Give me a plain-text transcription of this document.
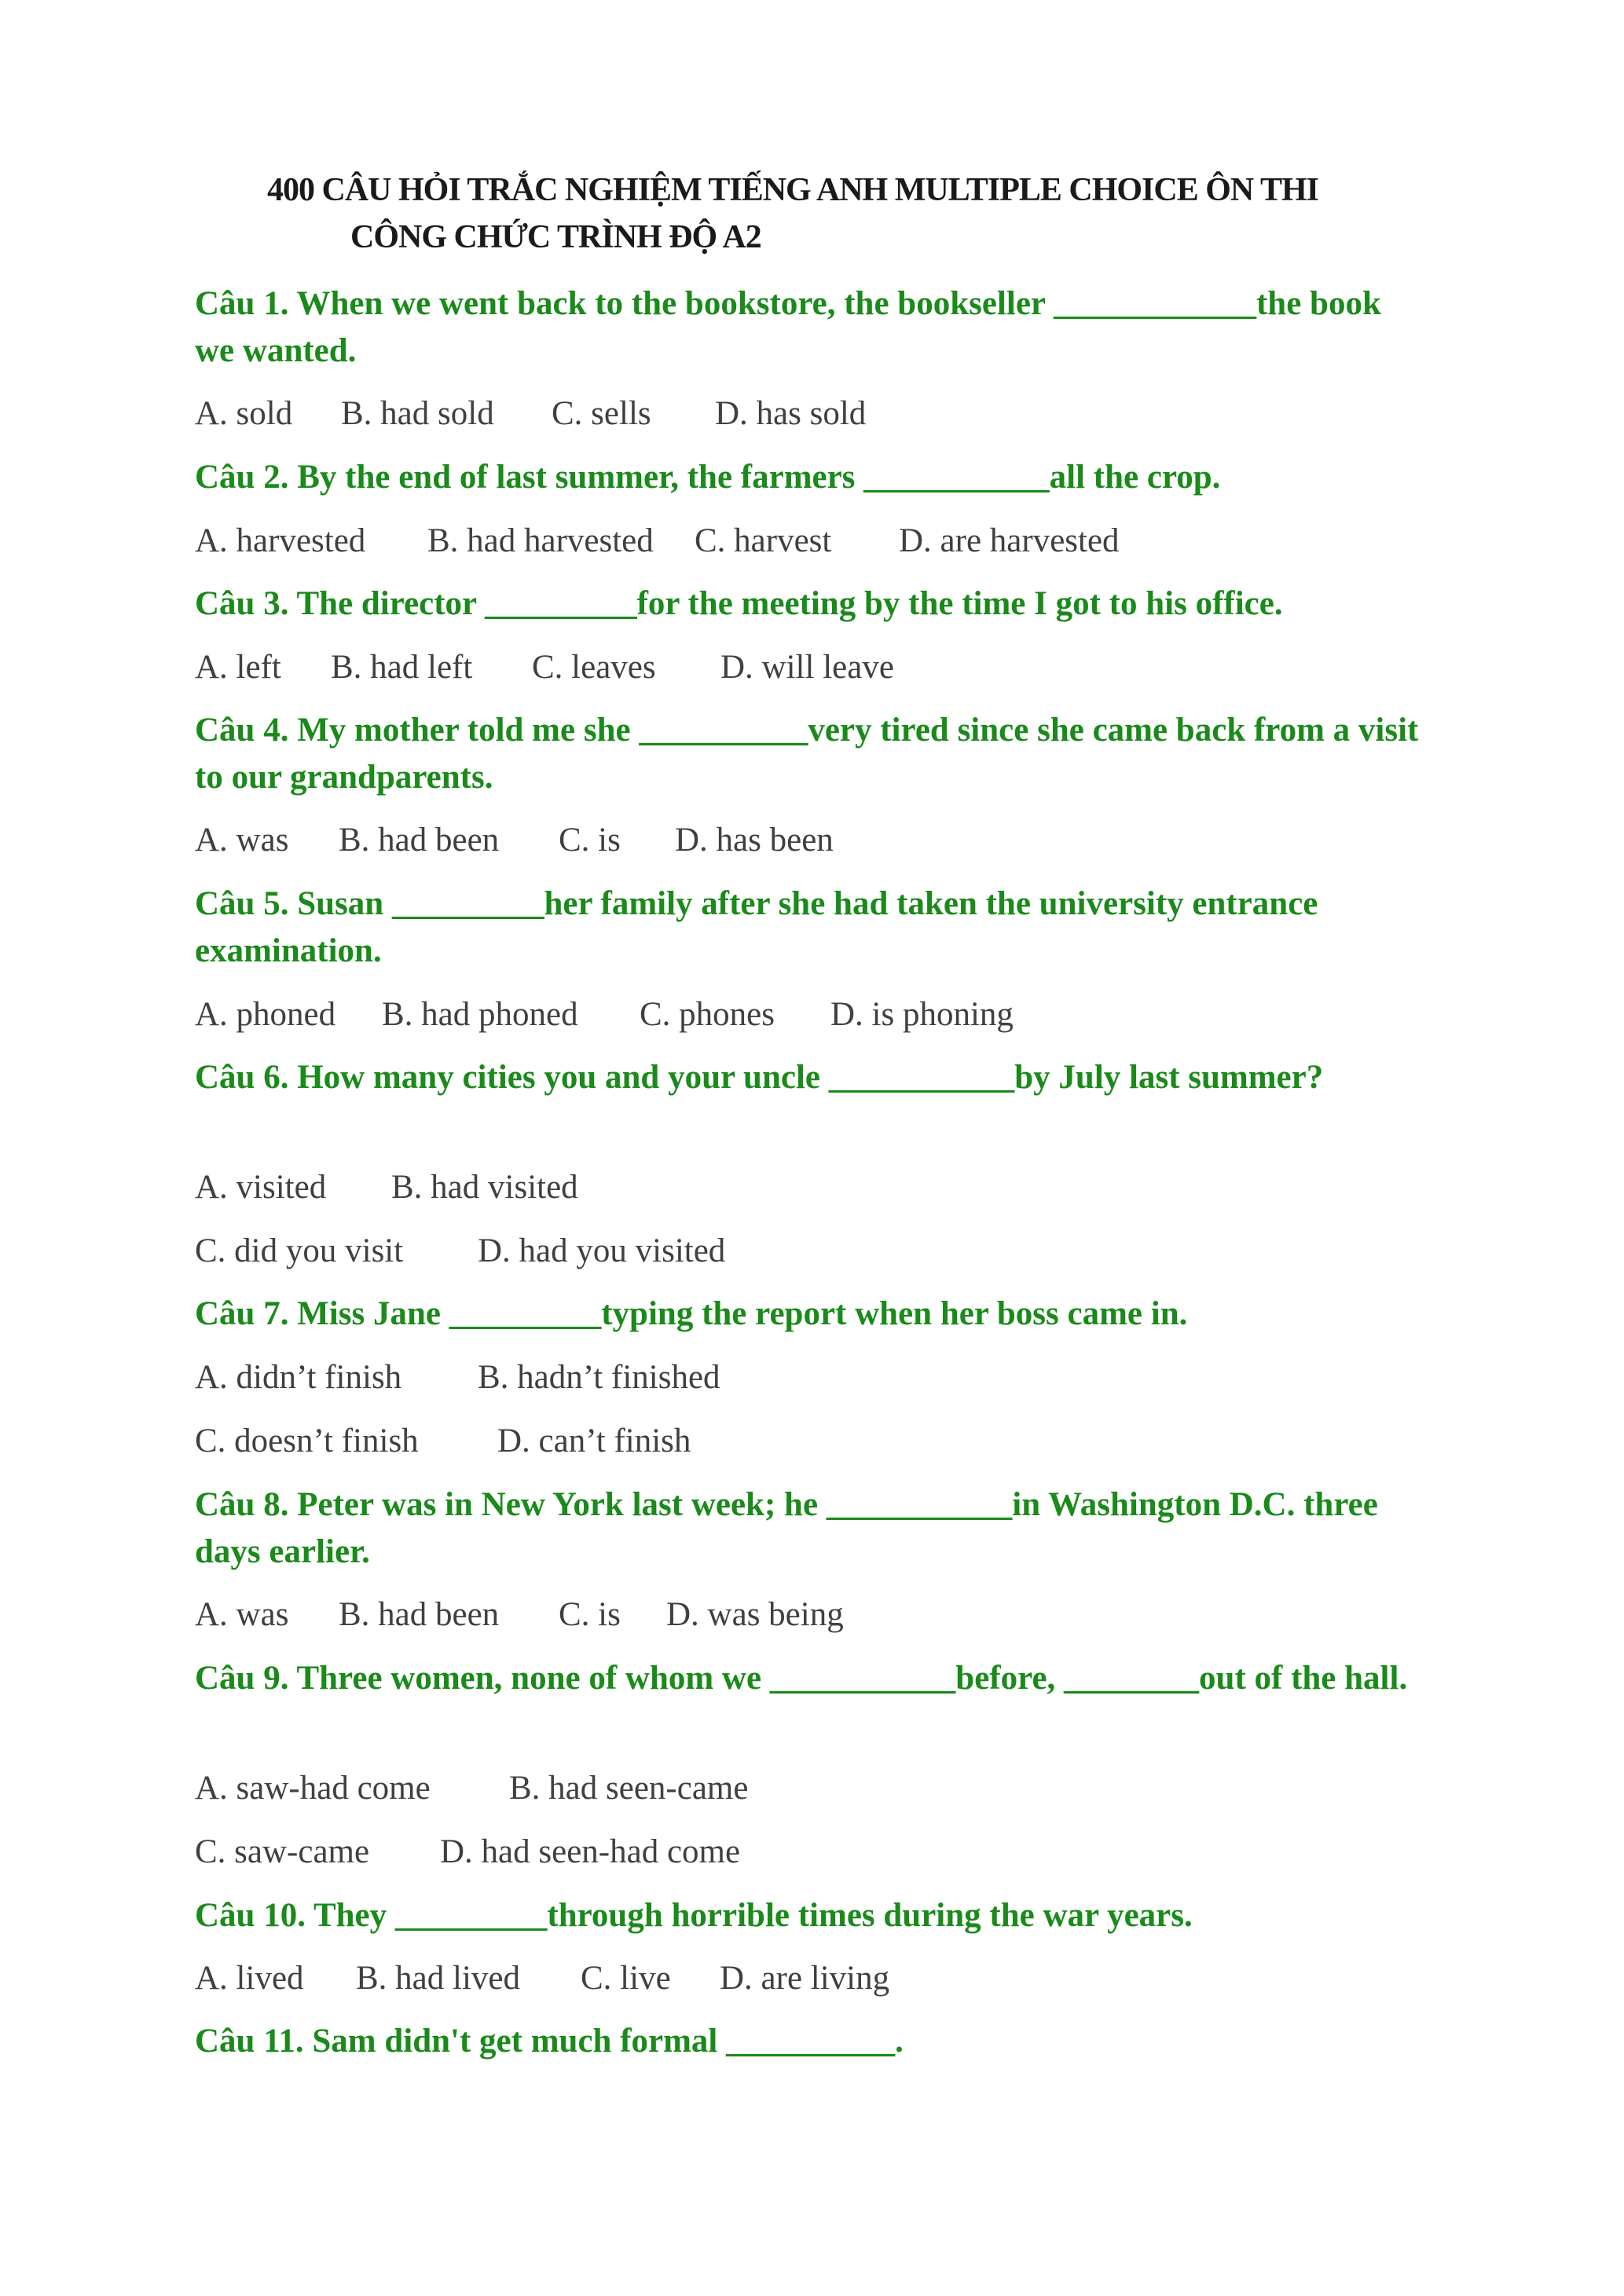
400 CÂU HỎI TRẮC NGHIỆM TIẾNG ANH MULTIPLE CHOICE ÔN THI
CÔNG CHỨC TRÌNH ĐỘ A2
Câu 1. When we went back to the bookstore, the bookseller ____________the book we wanted.
A. sold B. had sold C. sells D. has sold
Câu 2. By the end of last summer, the farmers ___________all the crop.
A. harvested B. had harvested C. harvest D. are harvested
Câu 3. The director _________for the meeting by the time I got to his office.
A. left B. had left C. leaves D. will leave
Câu 4. My mother told me she __________very tired since she came back from a visit to our grandparents.
A. was B. had been C. is D. has been
Câu 5. Susan _________her family after she had taken the university entrance examination.
A. phoned B. had phoned C. phones D. is phoning
Câu 6. How many cities you and your uncle ___________by July last summer?
A. visited B. had visited
C. did you visit D. had you visited
Câu 7. Miss Jane _________typing the report when her boss came in.
A. didn’t finish B. hadn’t finished
C. doesn’t finish D. can’t finish
Câu 8. Peter was in New York last week; he ___________in Washington D.C. three days earlier.
A. was B. had been C. is D. was being
Câu 9. Three women, none of whom we ___________before, ________out of the hall.
A. saw-had come B. had seen-came
C. saw-came D. had seen-had come
Câu 10. They _________through horrible times during the war years.
A. lived B. had lived C. live D. are living
Câu 11. Sam didn't get much formal __________.
